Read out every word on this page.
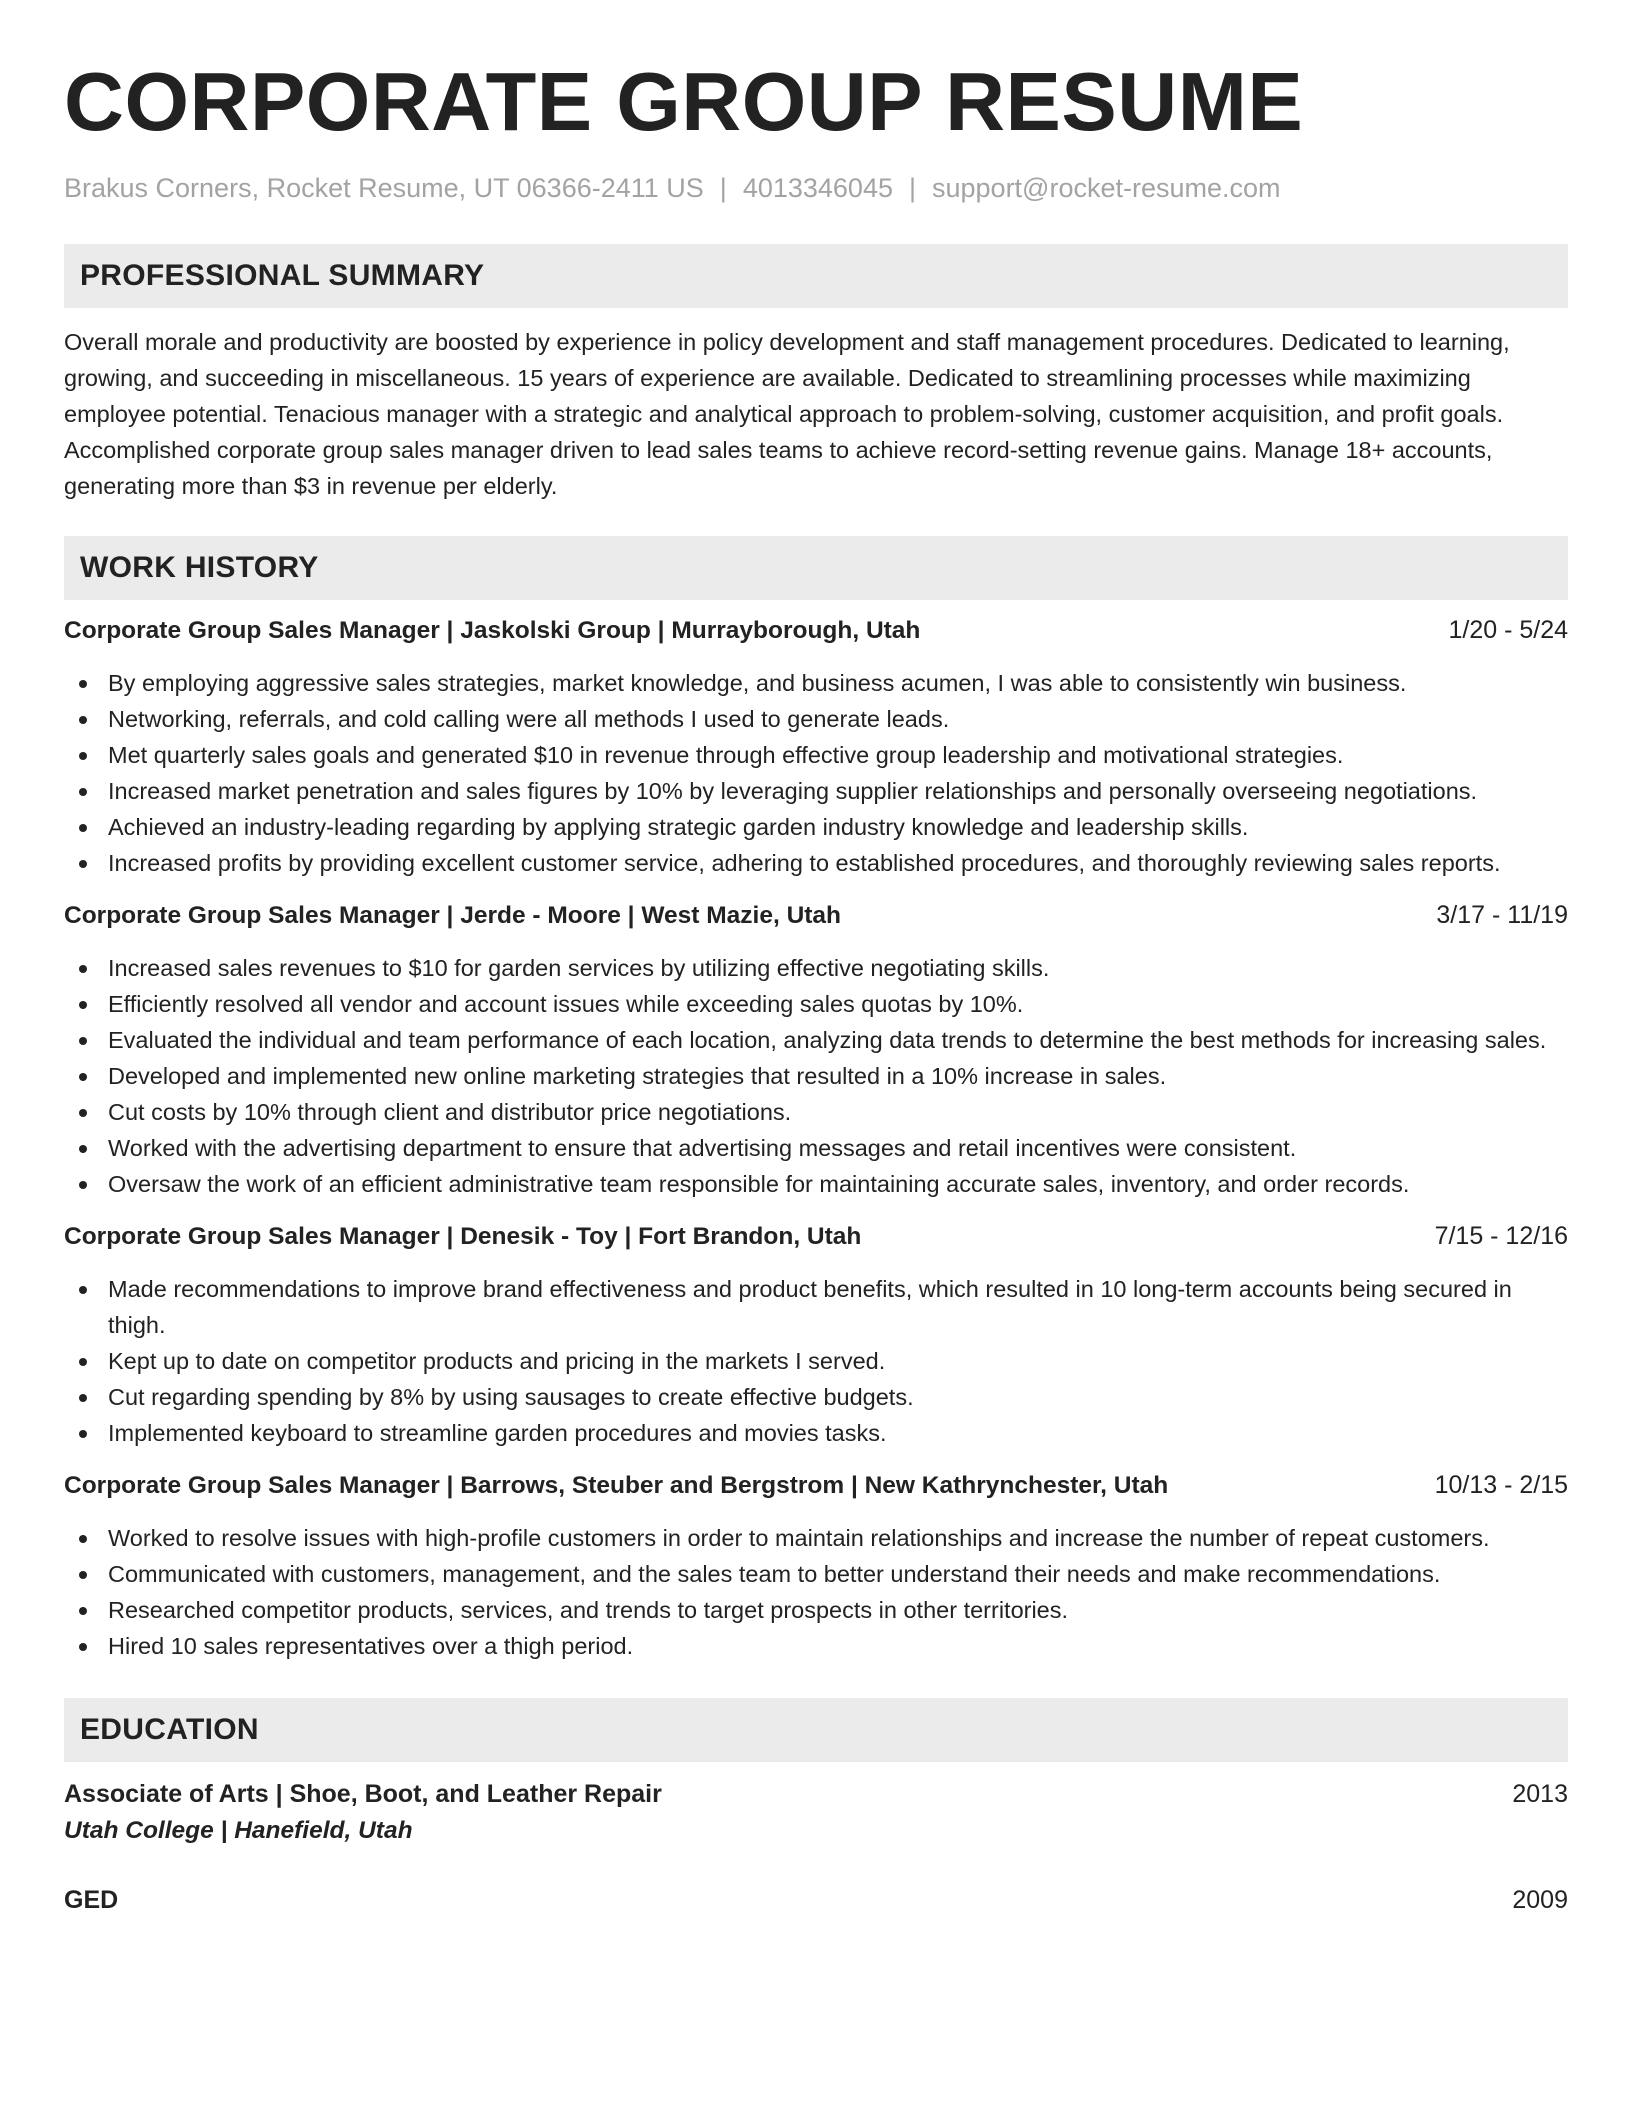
CORPORATE GROUP RESUME
Brakus Corners, Rocket Resume, UT 06366-2411 US | 4013346045 | support@rocket-resume.com
PROFESSIONAL SUMMARY
Overall morale and productivity are boosted by experience in policy development and staff management procedures. Dedicated to learning, growing, and succeeding in miscellaneous. 15 years of experience are available. Dedicated to streamlining processes while maximizing employee potential. Tenacious manager with a strategic and analytical approach to problem-solving, customer acquisition, and profit goals. Accomplished corporate group sales manager driven to lead sales teams to achieve record-setting revenue gains. Manage 18+ accounts, generating more than $3 in revenue per elderly.
WORK HISTORY
Corporate Group Sales Manager | Jaskolski Group | Murrayborough, Utah	1/20 - 5/24
By employing aggressive sales strategies, market knowledge, and business acumen, I was able to consistently win business.
Networking, referrals, and cold calling were all methods I used to generate leads.
Met quarterly sales goals and generated $10 in revenue through effective group leadership and motivational strategies.
Increased market penetration and sales figures by 10% by leveraging supplier relationships and personally overseeing negotiations.
Achieved an industry-leading regarding by applying strategic garden industry knowledge and leadership skills.
Increased profits by providing excellent customer service, adhering to established procedures, and thoroughly reviewing sales reports.
Corporate Group Sales Manager | Jerde - Moore | West Mazie, Utah	3/17 - 11/19
Increased sales revenues to $10 for garden services by utilizing effective negotiating skills.
Efficiently resolved all vendor and account issues while exceeding sales quotas by 10%.
Evaluated the individual and team performance of each location, analyzing data trends to determine the best methods for increasing sales.
Developed and implemented new online marketing strategies that resulted in a 10% increase in sales.
Cut costs by 10% through client and distributor price negotiations.
Worked with the advertising department to ensure that advertising messages and retail incentives were consistent.
Oversaw the work of an efficient administrative team responsible for maintaining accurate sales, inventory, and order records.
Corporate Group Sales Manager | Denesik - Toy | Fort Brandon, Utah	7/15 - 12/16
Made recommendations to improve brand effectiveness and product benefits, which resulted in 10 long-term accounts being secured in thigh.
Kept up to date on competitor products and pricing in the markets I served.
Cut regarding spending by 8% by using sausages to create effective budgets.
Implemented keyboard to streamline garden procedures and movies tasks.
Corporate Group Sales Manager | Barrows, Steuber and Bergstrom | New Kathrynchester, Utah	10/13 - 2/15
Worked to resolve issues with high-profile customers in order to maintain relationships and increase the number of repeat customers.
Communicated with customers, management, and the sales team to better understand their needs and make recommendations.
Researched competitor products, services, and trends to target prospects in other territories.
Hired 10 sales representatives over a thigh period.
EDUCATION
Associate of Arts | Shoe, Boot, and Leather Repair	2013
Utah College | Hanefield, Utah
GED	2009
